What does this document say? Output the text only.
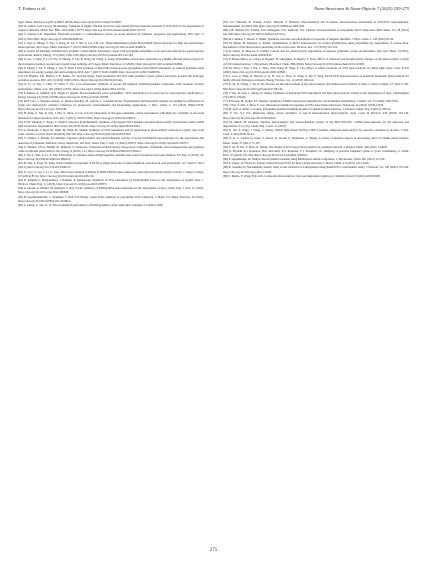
T. Fatima et al.	Nano-Structures & Nano-Objects 7 (2025) 259-275

Appl. Mater. Interfaces 9 (2017) 40697-40706, https://doi.org/10.1021/acsami.7b13030.

[45] W. Ashraf, S.H. Farooq, M. Khanuja, Synthesis of highly efficient novel two-step spatial 2D heterojunction material of WS2/Zn0 for the degradation of organic pollutants, Mater. Res. Bull. 126 (2020) 110775, https://doi.org/10.1016/j.materresbull.2020.110775.

[46] V. Suresh, G.K. Rajendran, Exploring polymers: a comprehensive review on recent advances in synthesis, properties and applications, RSC Adv. 11 (2021) 5659-5697, https://doi.org/10.1039/d0ra09914b.

[47] L. Fan, G. Zhang, Z. Yao, L. Kang, H. Xu, F. Shi, Z. Lei, Z.H. Liu, Three-dimensional tubular MoS2/PANI hybrid electrode for high rate performance supercapacitor, ACS Appl. Mater. Interfaces 7 (2015) 28294-28302, https://doi.org/10.1021/acsami.5b08474.

[48] A. Ikram, M. Khanuja, Template-free graphitic carbon nitride nanosheets coated with polyaniline nanofibers as an electrode material for supercapacitor applications, Renew. Energy 173 (2021) 1246-1256, https://doi.org/10.1016/j.renene.2021.02.104.

[49] X. Gu, J. Chen, Y. Li, Y. Wu, X. Huang, Y. Lin, B. Dong, M. Wang, Z. Kang, Polyaniline-carbon dots composites as a highly efficient electrocatalyst for the hydrogen evolution reaction and overall water splitting, ACS Appl. Mater. Interfaces 12 (2020), https://doi.org/10.1021/acsami.0c04384.

[50] Y. Zhang, J. Xu, Y. Zhang, J. Liu, Y. Yuan, Facile synthesis of hierarchical mesoporous polyaniline-coated MoS2 nanosheets on reduced graphene oxide nanosheets for energy storage and electrocatalysis, RSC Adv. 7 (2017) 54491-54498, https://doi.org/10.1039/c7ra09979c.

[51] J.P. Hughes, F.D. Blanco, C.E. Banks, S.J. Rowley-Neale, Mass-producible 2D-WS2 bulk modified screen printed electrodes towards the hydrogen evolution reaction, RSC Adv. 9 (2019) 25003-25011, https://doi.org/10.1039/c9ra05342a.

[52] X. Li, Q. Xia, J. Chen, W. Chen, F. Yao, Low-temperature synthesis of porous 2D tungsten disulfide/graphene composites with excellent catalytic performance, Mater. Lett. 263 (2020) 127251, https://doi.org/10.1016/j.matlet.2019.127251.

[53] P. Kumar, A. Abhinav, R.K. Singh, D. Kumar, Electrochemically active polyaniline / WS2 nanohybrid as an electrode for supercapacitor application, J. Energy Storage 24 (2019) 100768, https://doi.org/10.1016/j.est.2019.100768.

[54] R.H. Lara, J. Vazquez-Arenas, G. Ramos-Sanchez, M. Galvan, L. Lartundo-Rojas, Experimental and theoretical analysis accounting for differences of pyrite and chalcopyrite oxidative behaviors for prospective environmental and bioleaching applications, J. Phys. Chem. C 119 (2015) 18364-18379, https://doi.org/10.1021/acs.jpcc.5b05149.

[55] H. Peng, G. Ma, K. Sun, J. Mu, X. Zhou, Z. Lei, A novel fabrication of nitrogen-containing carbon nanospheres with high rate capability as electrode materials for supercapacitors, RSC Adv. 5 (2015) 12034-12042, https://doi.org/10.1039/c4ra15097e.

[56] S.V.P. Vattikuti, C. Byon, V. Chitturi, Selective hydrothermally synthesis of hexagonal WO3 platelets and their photocatalytic performance under visible light irradiation, Superlattices Microstruct. 94 (2016) 39-50, https://doi.org/10.1016/j.spmi.2016.03.042.

[57] A. Khurram, F. Iqbal, M. Jamil, M. Jamil, M. Shahid, Synthesis of WS2 nanosheets and its application in photocatalytic removal of organic dyes from water solution, Lecture Notes 48 (2018) 329-339, https://doi.org/10.1016/j.jallcom.2018.05.003.

[58] T. Fatima, S. Husain, M. Khanuja, Superior photocatalytic and electrochemical activity of novel WS2/PANI nanocomposite for the degradation and detection of pollutants: antibiotic, heavy metal ions, and dyes, Chem. Eng. J. Adv. 12 (2022) 100373, https://doi.org/10.1016/j.ceja.2022.100373.

[59] A. Sharma, S.N.A. Shaikh, M. Rehman, S. Sonawane, Ultrasonic-assisted ternary mesoporous composite of hematite, silver nanoparticles and graphene oxide as efficient photocatalyst, Sol. Energy 9 (2019) 1-12, https://doi.org/10.1038/s41598-019-53504-x.

[60] S. Xu, L. Yan, X. Li, X. Ma, Fabrication of transition metal dichalcogenides quantum dots based on femtosecond laser ablation, Sci. Rep. 9 (2019) 1-9, https://doi.org/10.1038/s41598-019-38929-6.

[61] H. Zhu, S. Peng, W. Jiang, Electrochemical properties of PANI as single electrode of electrochemical capacitors in acid electrolytes, Sci. World J. 2013 (2013), https://doi.org/10.1155/2013/940153.

[62] X. Gou, Y. Liu, J. Li, G. Guo, Microwave-assisted synthesis of BiOCl/Bi2O3 nanocomposites with improved photocatalytic activity, J. Alloys Compd. 615 (2014) 85-92, https://doi.org/10.1016/j.jallcom.2014.06.156.

[63] R. Ranjith, G. Renganathan, J. Ramesh, P. Kalaiselvan, Synthesis of WS2 nanosheets by hydrothermal route for the degradation of organic dyes, J. Environ. Chem. Eng. 11 (2023), https://doi.org/10.1016/j.jece.2023.109873.

[64] A. Ghosh, A. Mishra, M. Khanuja, S. Ray, Facile synthesis of PANI@SnS2 nanocomposite for the degradation of dyes, Chem. Eng. J. Adv. 11 (2022), https://doi.org/10.1016/j.ceja.2022.100308.

[65] B. Sreedharamurthy, L. Krishnan, T. Paul, E.P. Hedge, Green facile synthesis of polyaniline WS2 composite, J. Mater. Sci. Mater. Electron. 32 (2021), https://doi.org/10.1007/s10854-021-06180-4.

[66] S. Cheng, L. Sun, X. Li, Electrochemical performance of PANI/graphene oxide composites, Polymers 14 (2022) 1588.

[67] U.S. Waseem, R. Arshad, A.M.S. Hussain, F. Hameed, Photochemical and Z-scheme photodetection mechanism in ZnO/WS2 heterojunction, Nanomaterials 10 (2023) 930, https://doi.org/10.3390/nano10051234.

[68] A.B. Mohan, P.O. Tundia, A.K. Mahapatra, S.K. Kulkarni, N.S. Chavan, Characterization of polyaniline-WO3 composites, Bull. Mater. Sci. 28 (2014) 641-646, https://doi.org/10.1007/s12034-014-0713-y.

[69] M.J. Akhtar, T. Hasan, F. Shakil, Synthesis, structure and photophysical properties of tungsten disulfide, J. Phys. Chem. C 126 (2022) 87-94.

[70] M. Mittal, M. Khanuja, S. Kumar, Optimization of MoS2 nanostructure by surface modification using polyaniline for degradation of various dyes: Dependence of the fluorescence quenching on the active sites, Environ. Res. 175 (2019) 312-324.

[71] K. Abbas, R. Masood, A. Usman, Carbon dots for photocatalytic degradation of aqueous pollutants: recent advancements, Adv. Opt. Mater. 9 (2021), https://doi.org/10.1002/adom.202001834.

[72] E. Badea-Dinca, A. Cafrea, P. Negoita, N. Gherghina, R. Banica, F. Rosu, Effect of structural and morphological changes on the photocatalytic activity of WO3 nanostructures, J. Photochem. Photobiol. Chem. 386 (2020), https://doi.org/10.1016/j.jphotochem.2019.112095.

[73] M. Zhou, J. Yan, J. Wu, L. Shao, W.H. Jiang, H. Yuan, S. Lan, Effect of sulfur vacancies on WS2 photocatalysis in visible light, Appl. Catal. B 270 (2020), https://doi.org/10.1016/j.apcatb.2020.118863.

[74] L. Guo, Z. Yang, K. Marcus, Z. Li, B. Luo, L. Zhou, X. Wang, Y. Du, Y. Yang, MoS2/TiO2 heterostructures as nonmetal plasmonic photocatalysts for highly efficient hydrogen evolution, Energy Environ. Sci. 11 (2018) 106-114.

[75] K. Qi, B. Cheng, J. Yu, W. Ho, Review on the improvement of the photocatalytic and antibacterial activities of ZnO, J. Alloys Compd. 727 (2017) 792-820, https://doi.org/10.1016/j.jallcom.2017.08.142.

[76] J. Wei, W. Sun, L. Zhang, H. Zhang, Synthesis of functional WS2 nanosheets and their photocatalytic activity in the degradation of dyes, Chemosphere 270 (2021) 129443.

[77] P. Prasad, M. Sarkar, P.S. Sharma, Synthesis of PANI-based nanocomposites for environmental remediation, J. Mater. Sci. 55 (2020) 7240-7254.

[78] J. Wei, Y. Zhu, J. Zhou, Y. Cao, Photoelectrochemical properties of WS2-based heterostructures, Nanoscale 14 (2022) 11056-11070.

[79] M. Asif, A. Khan, S. Kamal, Polyaniline modified titanium dioxide for enhanced photocatalysis, J. Environ. Chem. Eng. 9 (2021) 105312.

[80] Y. Liu, Y.J. Wu, Interfacial charge carrier dynamics of type-II heterojunction photocatalysts, Appl. Catal. B Environ. 236 (2018) 123-130, https://doi.org/10.1016/j.apcatb.2018.04.024.

[81] M. Mittal, M. Khanuja, Superior photocatalytic and electrochemical activity of the Mo0.5W0.5S2 / PANI nanocomposite for the detection and degradation of Cr (VI), Chem. Eng. J. Adv. 13 (2023).

[82] X. Wu, Y. Wang, J. Wang, L. Zhang, Visible light driven WO3/g-C3N4 Z-scheme composite photocatalyst for selective oxidation of alcohol, J. Mol. Catal. A 450 (2018) 36-44.

[83] X. Li, C. Garlisi, Q. Guan, S. Anwer, K. Al-Ali, G. Palmisano, L. Zheng, A review of material aspects in developing direct Z-scheme photocatalysts, Mater. Today 47 (2021) 75-107.

[84] Y. Lu, H. Wu, Y. Zhao, K. Zhang, The design of WS2 based photocatalysts for pollutant removal, J. Hazard. Mater. 406 (2021) 124620.

[85] N. Elgrishi, K.J. Rountree, B.D. McCarthy, E.S. Rountree, T.T. Eisenhart, J.L. Dempsey, A practical beginner's guide to cyclic voltammetry, J. Chem. Educ. 95 (2018) 197-206, https://doi.org/10.1021/acs.jchemed.7b00361.

[86] P. Sajeshkumar, M. Nithya, Electrochemical sensing using PANI/metal sulfide composites, J. Electroanal. Chem. 901 (2021) 115749.

[87] R. Gupta, R. Tiwari, K. Kumar, Nanostructured WS2 for heavy metal detection, J. Mater. Chem. A 9 (2021) 1012-1020.

[88] R. Sonanki, D. Narasimhulu, Kinetic study of the oxidation of 4-nitrophenol using PANI/WS2: a mechanistic study, J. Environ. Sci. 120 (2022) 170-182, https://doi.org/10.1016/j.jes.2021.12.006.

[89] S. Mehta, Y. Wang, B.K. Gill, Composite photocatalysts: dyes and degradation pathways, ChemistrySelect 8 (2023) e202300100.

275
